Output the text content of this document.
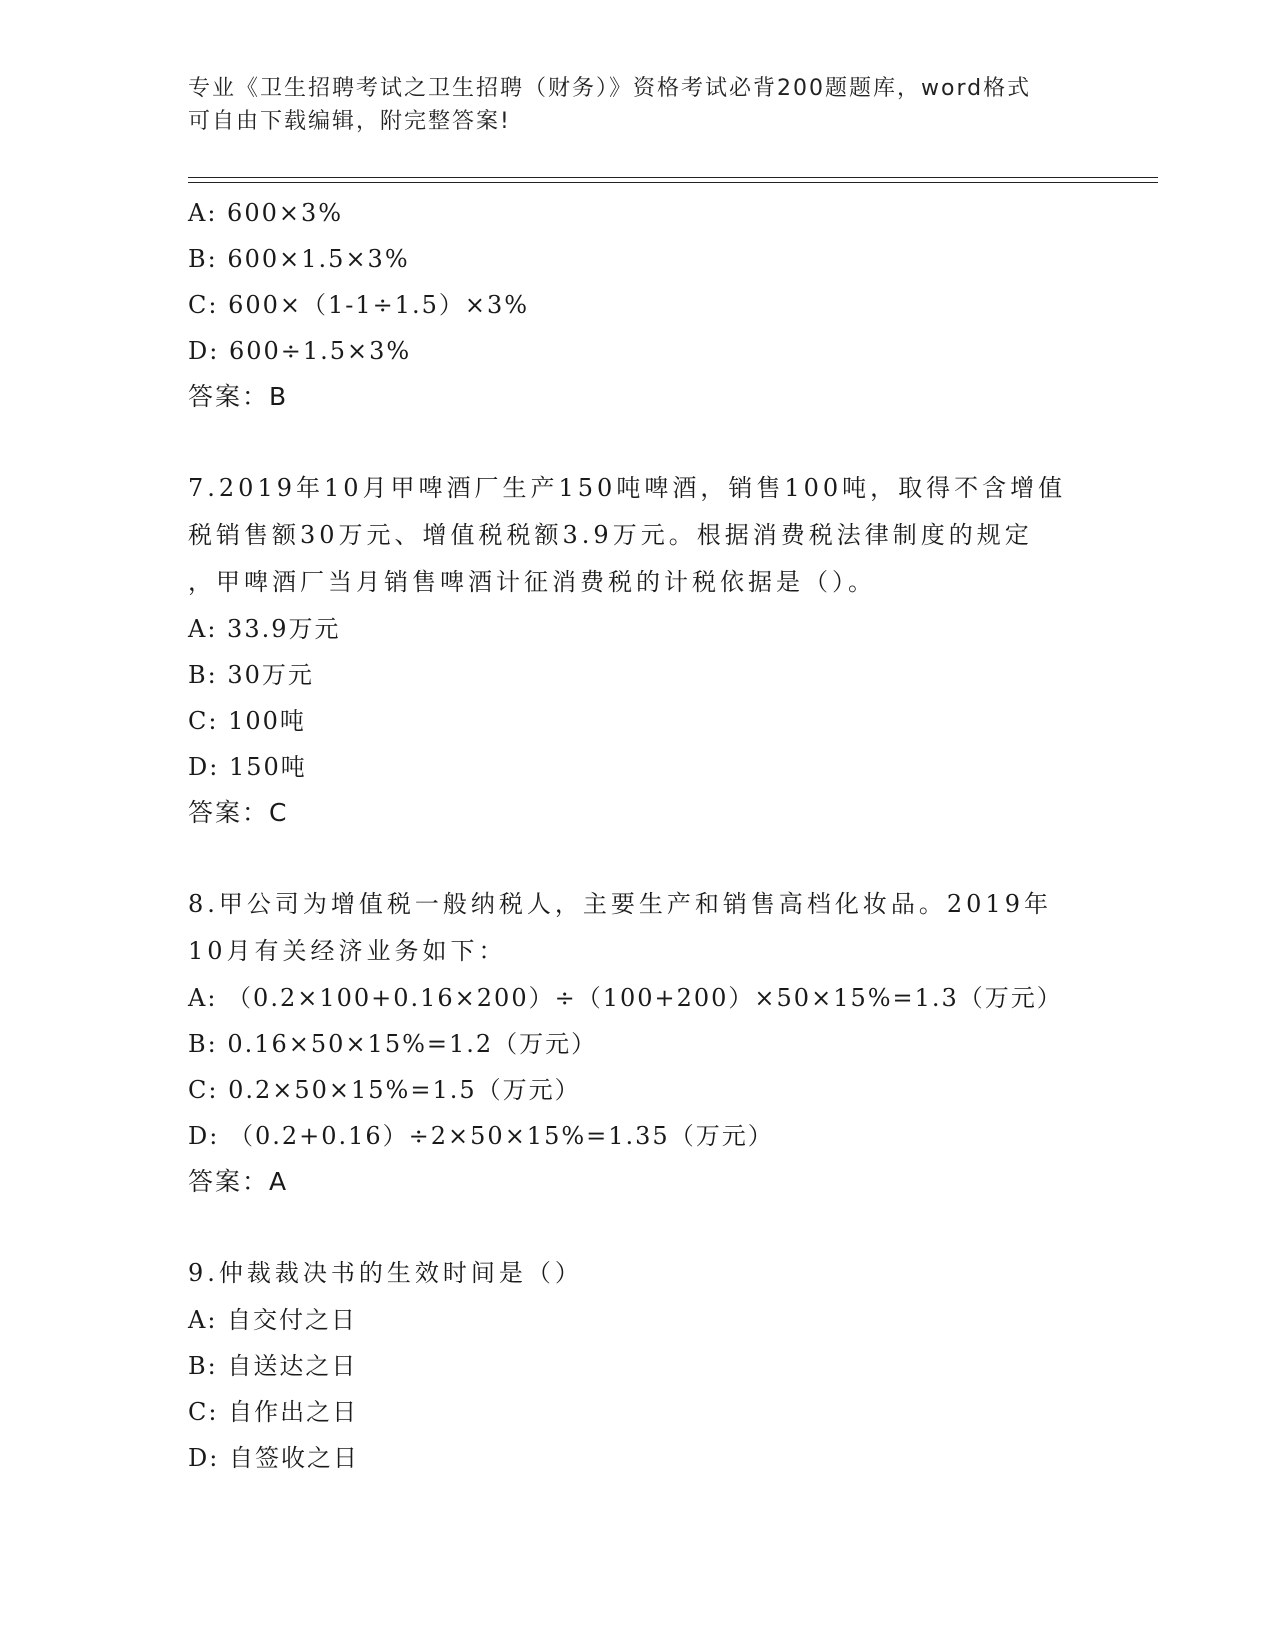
专业《卫生招聘考试之卫生招聘（财务）》资格考试必背200题题库，word格式
可自由下载编辑，附完整答案!
A: 600×3%
B: 600×1.5×3%
C: 600×（1-1÷1.5）×3%
D: 600÷1.5×3%
答案：B
7.2019年10月甲啤酒厂生产150吨啤酒，销售100吨，取得不含增值
税销售额30万元、增值税税额3.9万元。根据消费税法律制度的规定
，甲啤酒厂当月销售啤酒计征消费税的计税依据是（）。
A: 33.9万元
B: 30万元
C: 100吨
D: 150吨
答案：C
8.甲公司为增值税一般纳税人，主要生产和销售高档化妆品。2019年
10月有关经济业务如下：
A: （0.2×100+0.16×200）÷（100+200）×50×15%=1.3（万元）
B: 0.16×50×15%=1.2（万元）
C: 0.2×50×15%=1.5（万元）
D: （0.2+0.16）÷2×50×15%=1.35（万元）
答案：A
9.仲裁裁决书的生效时间是（）
A: 自交付之日
B: 自送达之日
C: 自作出之日
D: 自签收之日
